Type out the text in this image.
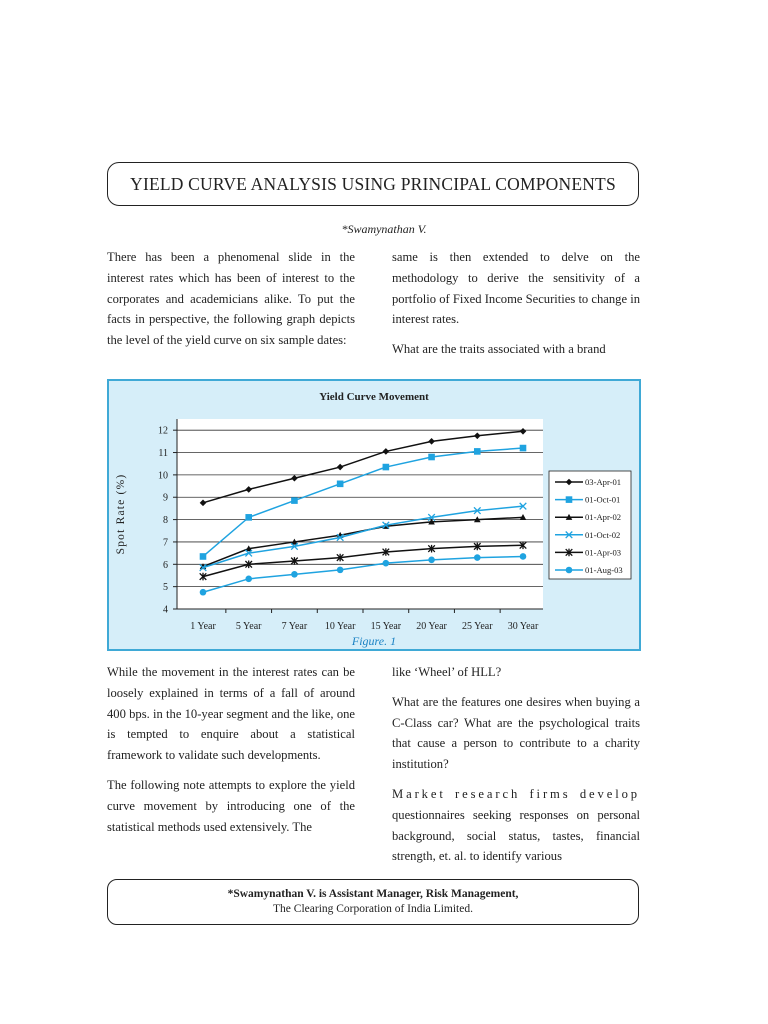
YIELD CURVE ANALYSIS USING PRINCIPAL COMPONENTS
*Swamynathan V.

There has been a phenomenal slide in the interest rates which has been of interest to the corporates and academicians alike. To put the facts in perspective, the following graph depicts the level of the yield curve on six sample dates:

same is then extended to delve on the methodology to derive the sensitivity of a portfolio of Fixed Income Securities to change in interest rates.

What are the traits associated with a brand

Yield Curve Movement
4
5
6
7
8
9
10
11
12
1 Year 5 Year 7 Year 10 Year 15 Year 20 Year 25 Year 30 Year
Spot Rate (%)	03-Apr-01
01-Oct-01
01-Apr-02
01-Oct-02
01-Apr-03
01-Aug-03
Figure. 1

While the movement in the interest rates can be loosely explained in terms of a fall of around 400 bps. in the 10-year segment and the like, one is tempted to enquire about a statistical framework to validate such developments.

The following note attempts to explore the yield curve movement by introducing one of the statistical methods used extensively. The

like ‘Wheel’ of HLL?

What are the features one desires when buying a C-Class car? What are the psychological traits that cause a person to contribute to a charity institution?

Market research firms develop questionnaires seeking responses on personal background, social status, tastes, financial strength, et. al. to identify various

*Swamynathan V. is Assistant Manager, Risk Management,
The Clearing Corporation of India Limited.
